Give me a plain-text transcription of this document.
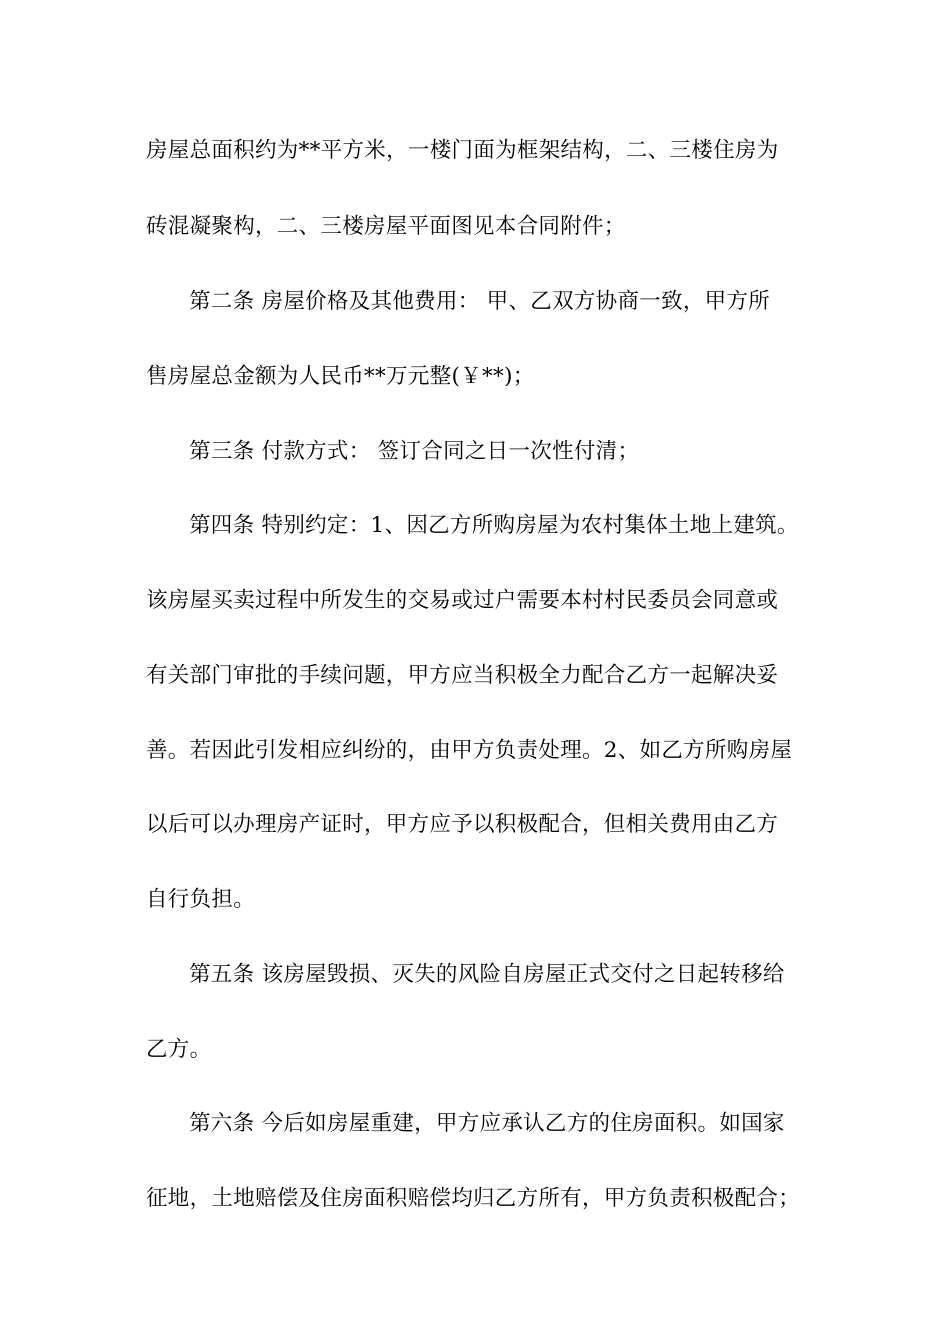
房屋总面积约为**平方米，一楼门面为框架结构，二、三楼住房为
砖混凝聚构，二、三楼房屋平面图见本合同附件；
第二条 房屋价格及其他费用： 甲、乙双方协商一致，甲方所
售房屋总金额为人民币**万元整(￥**)；
第三条 付款方式： 签订合同之日一次性付清；
第四条 特别约定：1、因乙方所购房屋为农村集体土地上建筑。
该房屋买卖过程中所发生的交易或过户需要本村村民委员会同意或
有关部门审批的手续问题，甲方应当积极全力配合乙方一起解决妥
善。若因此引发相应纠纷的，由甲方负责处理。2、如乙方所购房屋
以后可以办理房产证时，甲方应予以积极配合，但相关费用由乙方
自行负担。
第五条 该房屋毁损、灭失的风险自房屋正式交付之日起转移给
乙方。
第六条 今后如房屋重建，甲方应承认乙方的住房面积。如国家
征地，土地赔偿及住房面积赔偿均归乙方所有，甲方负责积极配合；
